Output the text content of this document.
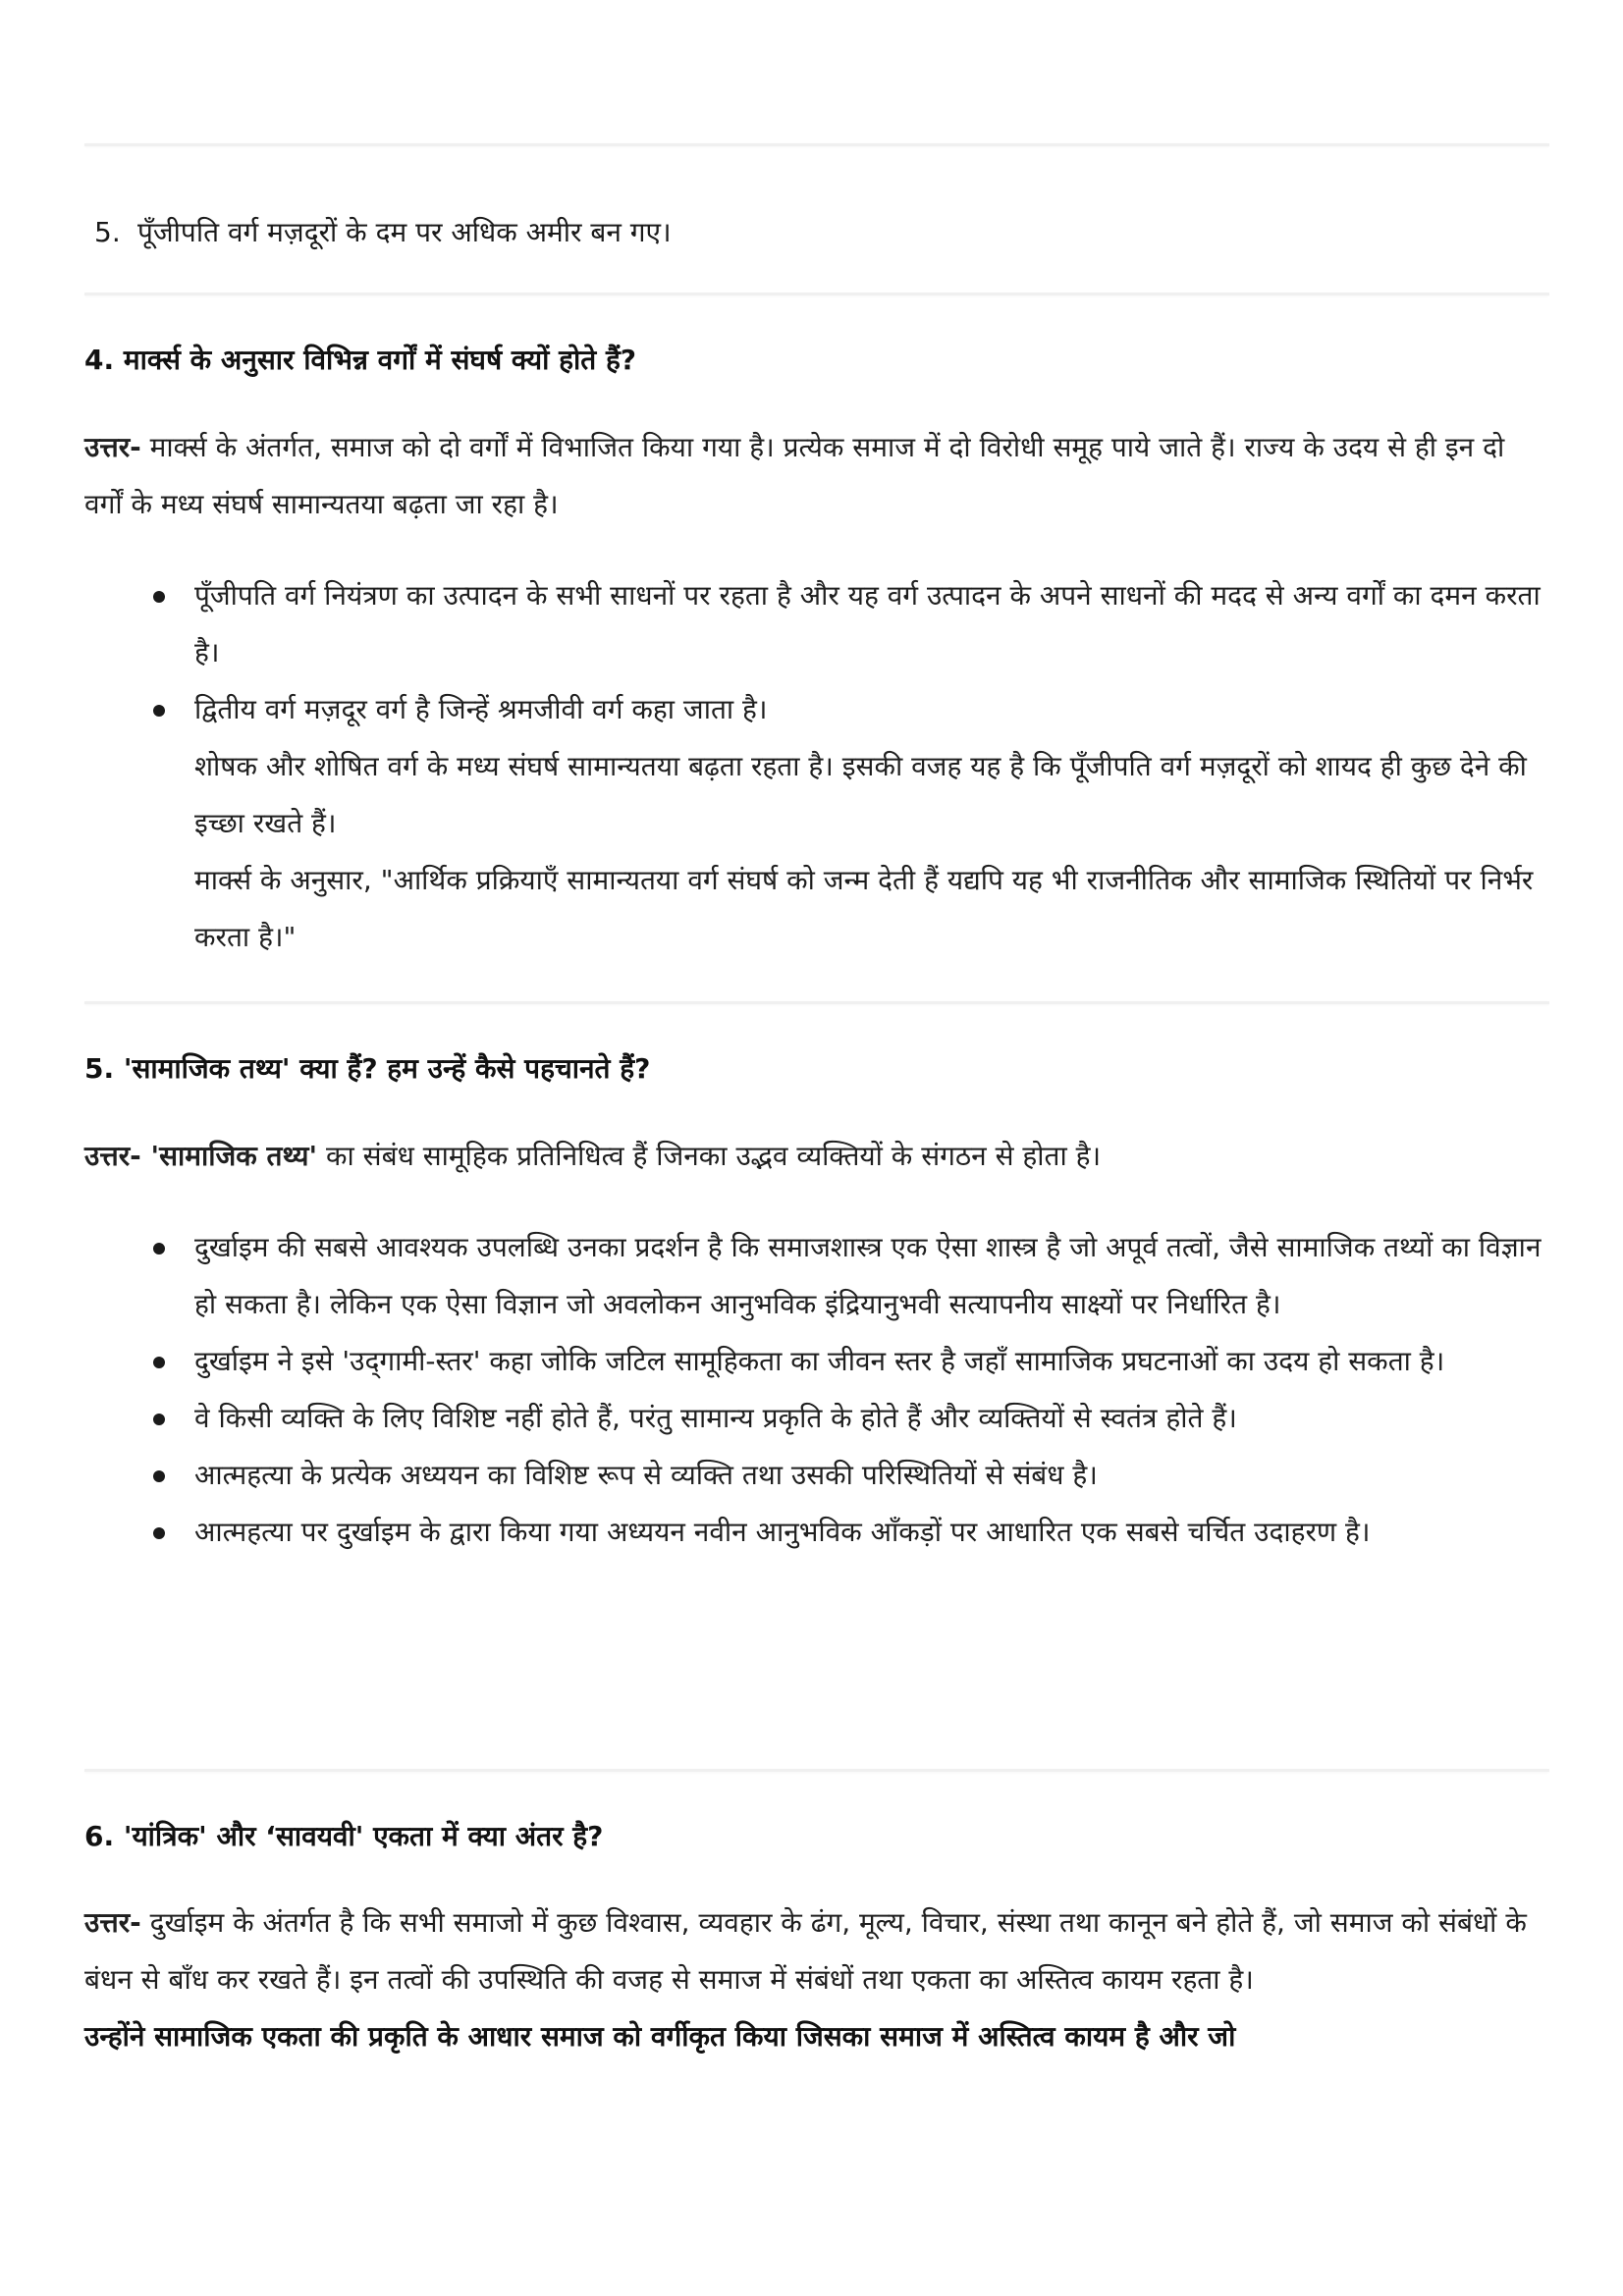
5. पूँजीपति वर्ग मज़दूरों के दम पर अधिक अमीर बन गए।
4. मार्क्स के अनुसार विभिन्न वर्गों में संघर्ष क्यों होते हैं?
उत्तर- मार्क्स के अंतर्गत, समाज को दो वर्गों में विभाजित किया गया है। प्रत्येक समाज में दो विरोधी समूह पाये जाते हैं। राज्य के उदय से ही इन दो वर्गों के मध्य संघर्ष सामान्यतया बढ़ता जा रहा है।
पूँजीपति वर्ग नियंत्रण का उत्पादन के सभी साधनों पर रहता है और यह वर्ग उत्पादन के अपने साधनों की मदद से अन्य वर्गों का दमन करता है।
द्वितीय वर्ग मज़दूर वर्ग है जिन्हें श्रमजीवी वर्ग कहा जाता है।
शोषक और शोषित वर्ग के मध्य संघर्ष सामान्यतया बढ़ता रहता है। इसकी वजह यह है कि पूँजीपति वर्ग मज़दूरों को शायद ही कुछ देने की इच्छा रखते हैं।
मार्क्स के अनुसार, "आर्थिक प्रक्रियाएँ सामान्यतया वर्ग संघर्ष को जन्म देती हैं यद्यपि यह भी राजनीतिक और सामाजिक स्थितियों पर निर्भर करता है।"
5. 'सामाजिक तथ्य' क्या हैं? हम उन्हें कैसे पहचानते हैं?
उत्तर- 'सामाजिक तथ्य' का संबंध सामूहिक प्रतिनिधित्व हैं जिनका उद्भव व्यक्तियों के संगठन से होता है।
दुर्खाइम की सबसे आवश्यक उपलब्धि उनका प्रदर्शन है कि समाजशास्त्र एक ऐसा शास्त्र है जो अपूर्व तत्वों, जैसे सामाजिक तथ्यों का विज्ञान हो सकता है। लेकिन एक ऐसा विज्ञान जो अवलोकन आनुभविक इंद्रियानुभवी सत्यापनीय साक्ष्यों पर निर्धारित है।
दुर्खाइम ने इसे 'उद्‌गामी-स्तर' कहा जोकि जटिल सामूहिकता का जीवन स्तर है जहाँ सामाजिक प्रघटनाओं का उदय हो सकता है।
वे किसी व्यक्ति के लिए विशिष्ट नहीं होते हैं, परंतु सामान्य प्रकृति के होते हैं और व्यक्तियों से स्वतंत्र होते हैं।
आत्महत्या के प्रत्येक अध्ययन का विशिष्ट रूप से व्यक्ति तथा उसकी परिस्थितियों से संबंध है।
आत्महत्या पर दुर्खाइम के द्वारा किया गया अध्ययन नवीन आनुभविक आँकड़ों पर आधारित एक सबसे चर्चित उदाहरण है।
6. 'यांत्रिक' और ‘सावयवी' एकता में क्या अंतर है?
उत्तर- दुर्खाइम के अंतर्गत है कि सभी समाजो में कुछ विश्वास, व्यवहार के ढंग, मूल्य, विचार, संस्था तथा कानून बने होते हैं, जो समाज को संबंधों के बंधन से बाँध कर रखते हैं। इन तत्वों की उपस्थिति की वजह से समाज में संबंधों तथा एकता का अस्तित्व कायम रहता है।
उन्होंने सामाजिक एकता की प्रकृति के आधार समाज को वर्गीकृत किया जिसका समाज में अस्तित्व कायम है और जो
